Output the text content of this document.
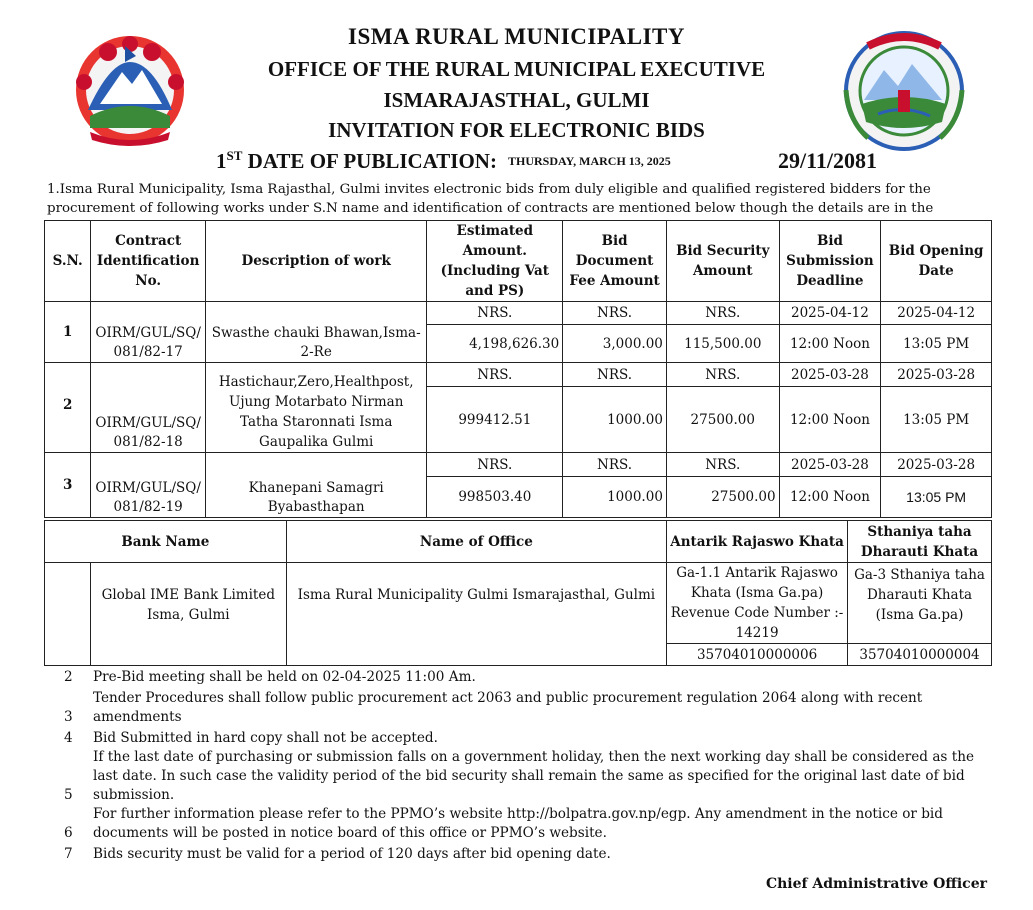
ISMA RURAL MUNICIPALITY
OFFICE OF THE RURAL MUNICIPAL EXECUTIVE
ISMARAJASTHAL, GULMI
INVITATION FOR ELECTRONIC BIDS
1ST DATE OF PUBLICATION: THURSDAY, MARCH 13, 2025	29/11/2081
1.Isma Rural Municipality, Isma Rajasthal, Gulmi invites electronic bids from duly eligible and qualified registered bidders for the procurement of following works under S.N name and identification of contracts are mentioned below though the details are in the
S.N.	Contract Identification No.	Description of work	Estimated Amount.(Including Vat and PS)	Bid Document Fee Amount	Bid Security Amount	Bid Submission Deadline	Bid Opening Date
1	OIRM/GUL/SQ/ 081/82-17	Swasthe chauki Bhawan,Isma-2-Re	NRS.	NRS.	NRS.	2025-04-12	2025-04-12
			4,198,626.30	3,000.00	115,500.00	12:00 Noon	13:05 PM
2	OIRM/GUL/SQ/ 081/82-18	Hastichaur,Zero,Healthpost, Ujung Motarbato Nirman Tatha Staronnati Isma Gaupalika Gulmi	NRS.	NRS.	NRS.	2025-03-28	2025-03-28
			999412.51	1000.00	27500.00	12:00 Noon	13:05 PM
3	OIRM/GUL/SQ/ 081/82-19	Khanepani Samagri Byabasthapan	NRS.	NRS.	NRS.	2025-03-28	2025-03-28
			998503.40	1000.00	27500.00	12:00 Noon	13:05 PM
Bank Name		Name of Office	Antarik Rajaswo Khata	Sthaniya taha Dharauti Khata
	Global IME Bank Limited Isma, Gulmi	Isma Rural Municipality Gulmi Ismarajasthal, Gulmi	Ga-1.1 Antarik Rajaswo Khata (Isma Ga.pa) Revenue Code Number :- 14219	Ga-3 Sthaniya taha Dharauti Khata (Isma Ga.pa)
			35704010000006	35704010000004
2 Pre-Bid meeting shall be held on 02-04-2025 11:00 Am.
3
Tender Procedures shall follow public procurement act 2063 and public procurement regulation 2064 along with recent amendments
4 Bid Submitted in hard copy shall not be accepted.
5
If the last date of purchasing or submission falls on a government holiday, then the next working day shall be considered as the last date. In such case the validity period of the bid security shall remain the same as specified for the original last date of bid submission.
6
For further information please refer to the PPMO’s website http://bolpatra.gov.np/egp. Any amendment in the notice or bid documents will be posted in notice board of this office or PPMO’s website.
7 Bids security must be valid for a period of 120 days after bid opening date.
Chief Administrative Officer
